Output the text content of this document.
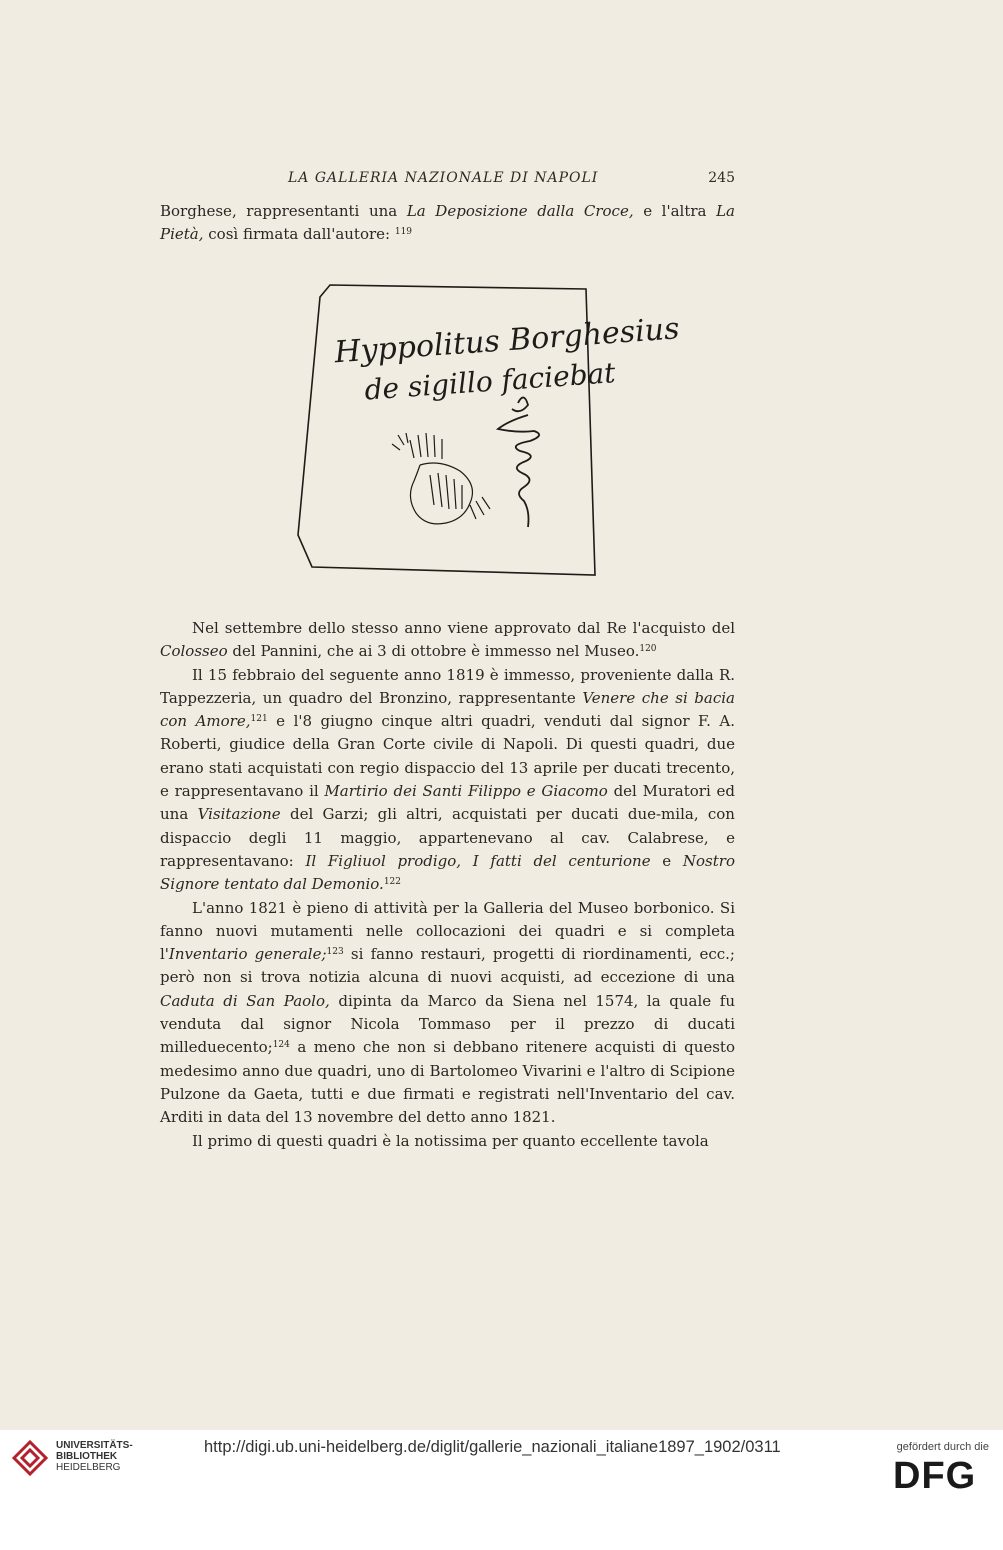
LA GALLERIA NAZIONALE DI NAPOLI	245

Borghese, rappresentanti una La Deposizione dalla Croce, e l'altra La Pietà, così firmata dall'autore: $^{119}$

Hyppolitus Borghesius
de sigillo faciebat

Nel settembre dello stesso anno viene approvato dal Re l'acquisto del Colosseo del Pannini, che ai 3 di ottobre è immesso nel Museo.$^{120}$

Il 15 febbraio del seguente anno 1819 è immesso, proveniente dalla R. Tappezzeria, un quadro del Bronzino, rappresentante Venere che si bacia con Amore,$^{121}$ e l'8 giugno cinque altri quadri, venduti dal signor F. A. Roberti, giudice della Gran Corte civile di Napoli. Di questi quadri, due erano stati acquistati con regio dispaccio del 13 aprile per ducati trecento, e rappresentavano il Martirio dei Santi Filippo e Giacomo del Muratori ed una Visitazione del Garzi; gli altri, acquistati per ducati due-mila, con dispaccio degli 11 maggio, appartenevano al cav. Calabrese, e rappresentavano: Il Figliuol prodigo, I fatti del centurione e Nostro Signore tentato dal Demonio.$^{122}$

L'anno 1821 è pieno di attività per la Galleria del Museo borbonico. Si fanno nuovi mutamenti nelle collocazioni dei quadri e si completa l'Inventario generale;$^{123}$ si fanno restauri, progetti di riordinamenti, ecc.; però non si trova notizia alcuna di nuovi acquisti, ad eccezione di una Caduta di San Paolo, dipinta da Marco da Siena nel 1574, la quale fu venduta dal signor Nicola Tommaso per il prezzo di ducati milleduecento;$^{124}$ a meno che non si debbano ritenere acquisti di questo medesimo anno due quadri, uno di Bartolomeo Vivarini e l'altro di Scipione Pulzone da Gaeta, tutti e due firmati e registrati nell'Inventario del cav. Arditi in data del 13 novembre del detto anno 1821.

Il primo di questi quadri è la notissima per quanto eccellente tavola

UNIVERSITÄTS-
BIBLIOTHEK
HEIDELBERG
http://digi.ub.uni-heidelberg.de/diglit/gallerie_nazionali_italiane1897_1902/0311	gefördert durch die
DFG
